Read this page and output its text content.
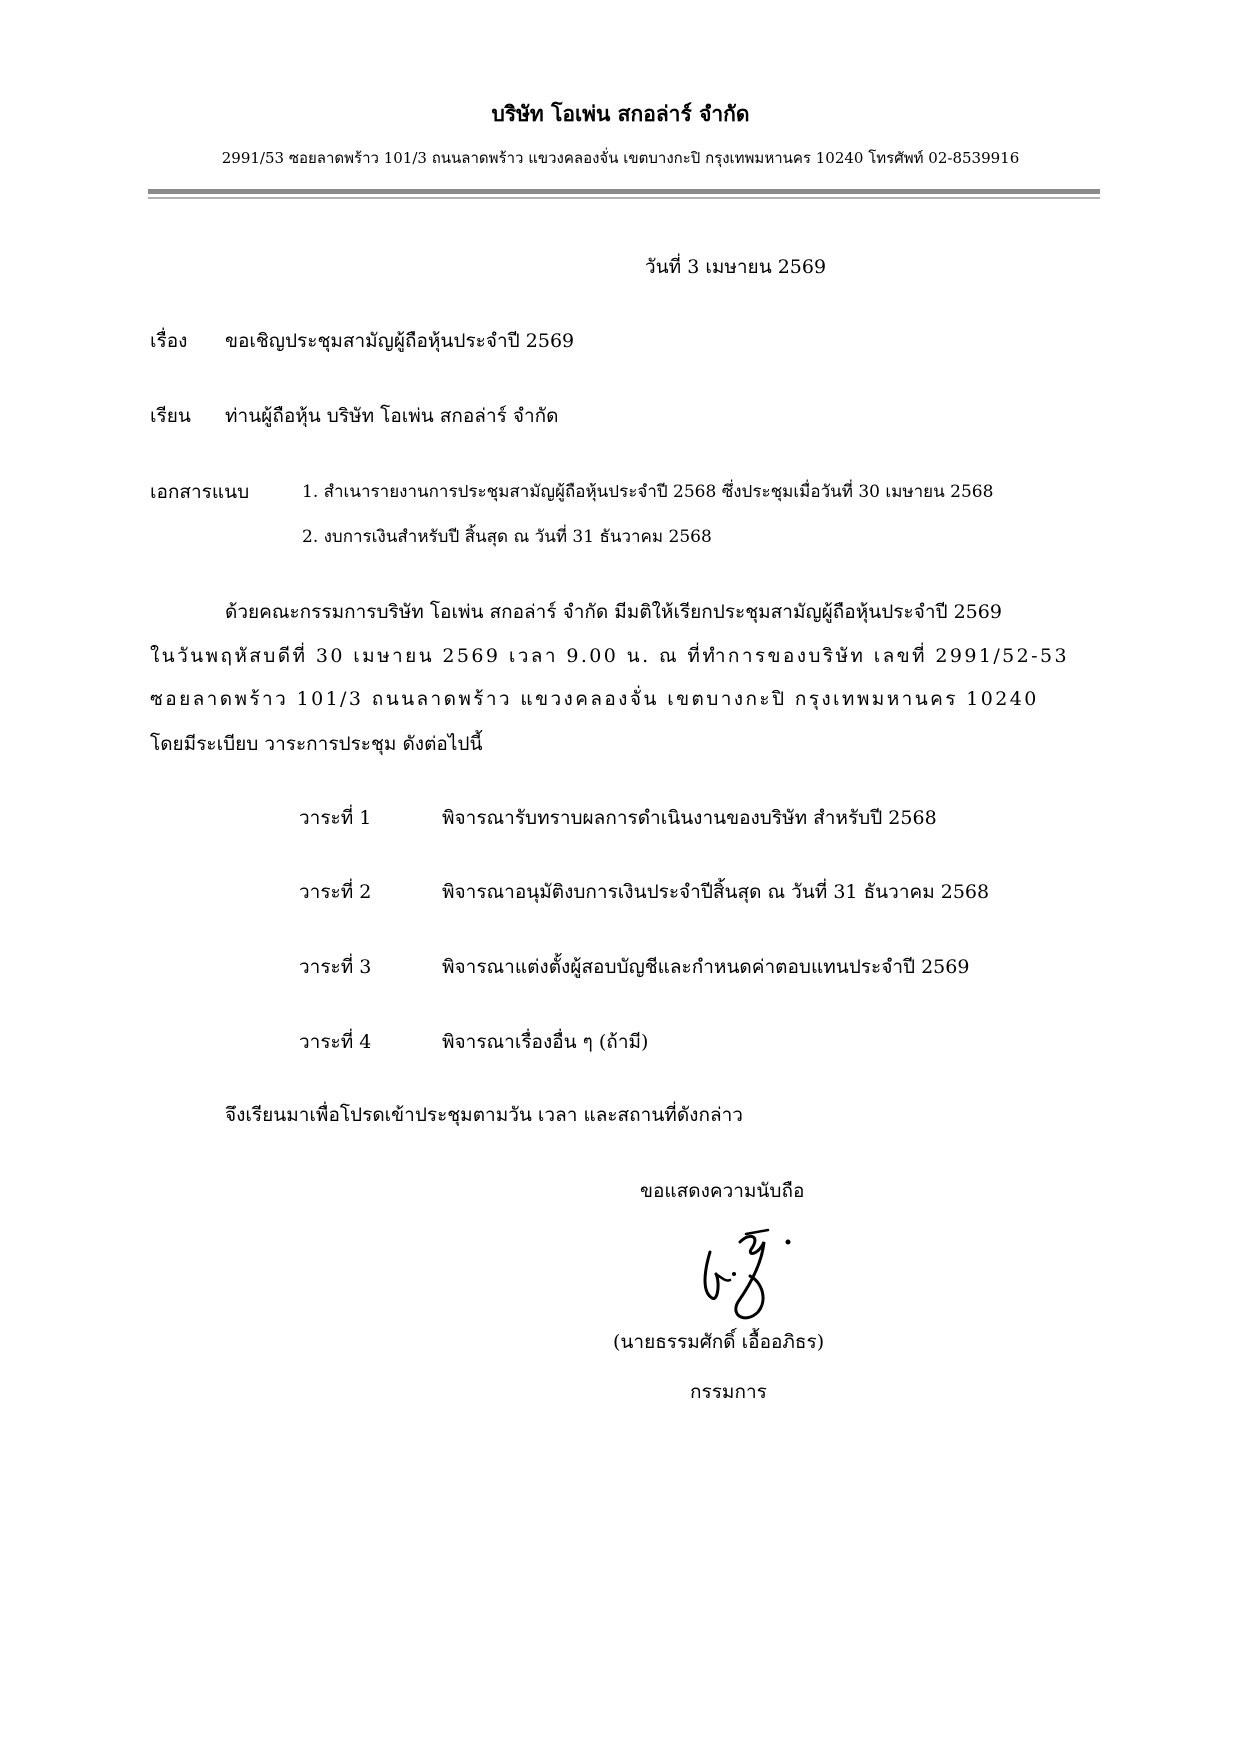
บริษัท โอเพ่น สกอล่าร์ จำกัด
2991/53 ซอยลาดพร้าว 101/3 ถนนลาดพร้าว แขวงคลองจั่น เขตบางกะปิ กรุงเทพมหานคร 10240 โทรศัพท์ 02-8539916
วันที่ 3 เมษายน 2569
เรื่อง ขอเชิญประชุมสามัญผู้ถือหุ้นประจำปี 2569
เรียน ท่านผู้ถือหุ้น บริษัท โอเพ่น สกอล่าร์ จำกัด
เอกสารแนบ	1. สำเนารายงานการประชุมสามัญผู้ถือหุ้นประจำปี 2568 ซึ่งประชุมเมื่อวันที่ 30 เมษายน 2568
2. งบการเงินสำหรับปี สิ้นสุด ณ วันที่ 31 ธันวาคม 2568
ด้วยคณะกรรมการบริษัท โอเพ่น สกอล่าร์ จำกัด มีมติให้เรียกประชุมสามัญผู้ถือหุ้นประจำปี 2569
ในวันพฤหัสบดีที่ 30 เมษายน 2569 เวลา 9.00 น. ณ ที่ทำการของบริษัท เลขที่ 2991/52-53
ซอยลาดพร้าว 101/3 ถนนลาดพร้าว แขวงคลองจั่น เขตบางกะปิ กรุงเทพมหานคร 10240
โดยมีระเบียบ วาระการประชุม ดังต่อไปนี้
วาระที่ 1	พิจารณารับทราบผลการดำเนินงานของบริษัท สำหรับปี 2568
วาระที่ 2	พิจารณาอนุมัติงบการเงินประจำปีสิ้นสุด ณ วันที่ 31 ธันวาคม 2568
วาระที่ 3	พิจารณาแต่งตั้งผู้สอบบัญชีและกำหนดค่าตอบแทนประจำปี 2569
วาระที่ 4	พิจารณาเรื่องอื่น ๆ (ถ้ามี)
จึงเรียนมาเพื่อโปรดเข้าประชุมตามวัน เวลา และสถานที่ดังกล่าว
ขอแสดงความนับถือ
(นายธรรมศักดิ์ เอื้ออภิธร)
กรรมการ
